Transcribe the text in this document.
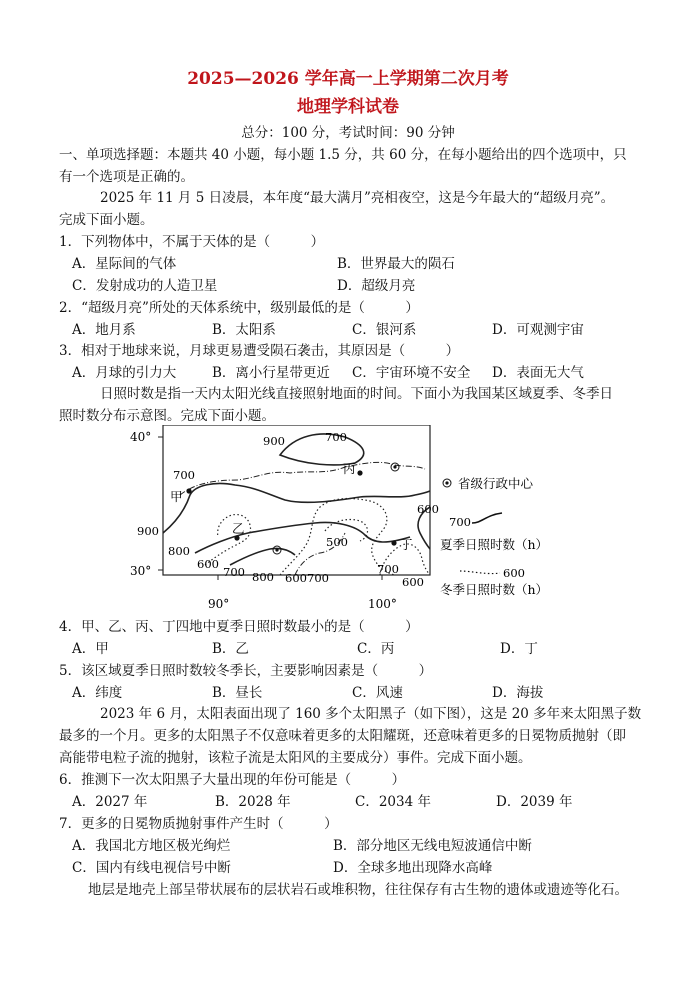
2025—2026 学年高一上学期第二次月考
地理学科试卷
总分：100 分，考试时间：90 分钟
一、单项选择题：本题共 40 小题，每小题 1.5 分，共 60 分，在每小题给出的四个选项中，只
有一个选项是正确的。
2025 年 11 月 5 日凌晨，本年度“最大满月”亮相夜空，这是今年最大的“超级月亮”。
完成下面小题。
1．下列物体中，不属于天体的是（　　　）
A．星际间的气体	B．世界最大的陨石
C．发射成功的人造卫星	D．超级月亮
2．“超级月亮”所处的天体系统中，级别最低的是（　　　）
A．地月系	B．太阳系	C．银河系	D．可观测宇宙
3．相对于地球来说，月球更易遭受陨石袭击，其原因是（　　　）
A．月球的引力大	B．离小行星带更近 C．宇宙环境不安全 D．表面无大气
日照时数是指一天内太阳光线直接照射地面的时间。下面小为我国某区域夏季、冬季日
照时数分布示意图。完成下面小题。
40°
30°
90°	100°
900	700
700
900
800
600
700 800 600 700
500
600
700
600
甲
乙
丙
丁
省级行政中心
700
夏季日照时数（h）
600
冬季日照时数（h）
4．甲、乙、丙、丁四地中夏季日照时数最小的是（　　　）
A．甲	B．乙	C．丙	D．丁
5．该区域夏季日照时数较冬季长，主要影响因素是（　　　）
A．纬度	B．昼长	C．风速	D．海拔
2023 年 6 月，太阳表面出现了 160 多个太阳黑子（如下图），这是 20 多年来太阳黑子数
最多的一个月。更多的太阳黑子不仅意味着更多的太阳耀斑，还意味着更多的日冕物质抛射（即
高能带电粒子流的抛射，该粒子流是太阳风的主要成分）事件。完成下面小题。
6．推测下一次太阳黑子大量出现的年份可能是（　　　）
A．2027 年	B．2028 年	C．2034 年	D．2039 年
7．更多的日冕物质抛射事件产生时（　　　）
A．我国北方地区极光绚烂	B．部分地区无线电短波通信中断
C．国内有线电视信号中断	D．全球多地出现降水高峰
地层是地壳上部呈带状展布的层状岩石或堆积物，往往保存有古生物的遗体或遗迹等化石。
